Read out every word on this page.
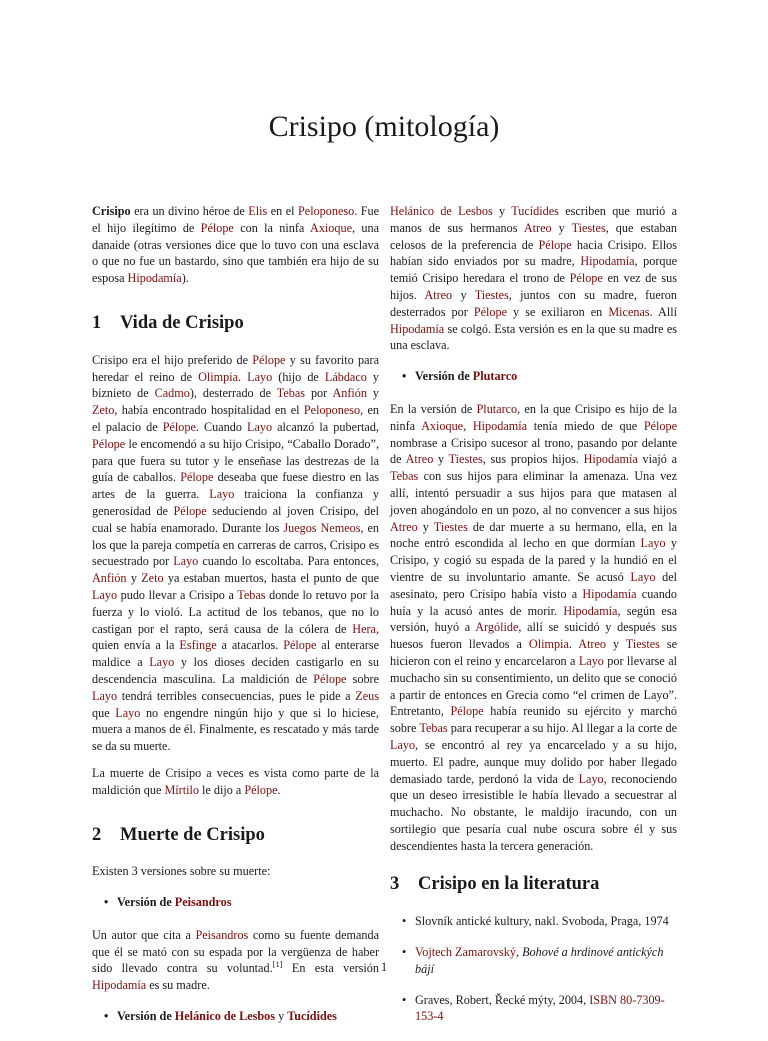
Crisipo (mitología)

Crisipo era un divino héroe de Elis en el Peloponeso. Fue el hijo ilegítimo de Pélope con la ninfa Axioque, una danaide (otras versiones dice que lo tuvo con una esclava o que no fue un bastardo, sino que también era hijo de su esposa Hipodamía).

1 Vida de Crisipo

Crisipo era el hijo preferido de Pélope y su favorito para heredar el reino de Olimpia. Layo (hijo de Lábdaco y biznieto de Cadmo), desterrado de Tebas por Anfión y Zeto, había encontrado hospitalidad en el Peloponeso, en el palacio de Pélope. Cuando Layo alcanzó la pubertad, Pélope le encomendó a su hijo Crisipo, “Caballo Dorado”, para que fuera su tutor y le enseñase las destrezas de la guía de caballos. Pélope deseaba que fuese diestro en las artes de la guerra. Layo traiciona la confianza y generosidad de Pélope seduciendo al joven Crisipo, del cual se había enamorado. Durante los Juegos Nemeos, en los que la pareja competía en carreras de carros, Crisipo es secuestrado por Layo cuando lo escoltaba. Para entonces, Anfión y Zeto ya estaban muertos, hasta el punto de que Layo pudo llevar a Crisipo a Tebas donde lo retuvo por la fuerza y lo violó. La actitud de los tebanos, que no lo castigan por el rapto, será causa de la cólera de Hera, quien envía a la Esfinge a atacarlos. Pélope al enterarse maldice a Layo y los dioses deciden castigarlo en su descendencia masculina. La maldición de Pélope sobre Layo tendrá terribles consecuencias, pues le pide a Zeus que Layo no engendre ningún hijo y que si lo hiciese, muera a manos de él. Finalmente, es rescatado y más tarde se da su muerte.

La muerte de Crisipo a veces es vista como parte de la maldición que Mírtilo le dijo a Pélope.

2 Muerte de Crisipo

Existen 3 versiones sobre su muerte:

• Versión de Peisandros

Un autor que cita a Peisandros como su fuente demanda que él se mató con su espada por la vergüenza de haber sido llevado contra su voluntad.[1] En esta versión Hipodamía es su madre.

• Versión de Helánico de Lesbos y Tucídides

Helánico de Lesbos y Tucídides escriben que murió a manos de sus hermanos Atreo y Tiestes, que estaban celosos de la preferencia de Pélope hacia Crisipo. Ellos habían sido enviados por su madre, Hipodamía, porque temió Crisipo heredara el trono de Pélope en vez de sus hijos. Atreo y Tiestes, juntos con su madre, fueron desterrados por Pélope y se exiliaron en Micenas. Allí Hipodamía se colgó. Esta versión es en la que su madre es una esclava.

• Versión de Plutarco

En la versión de Plutarco, en la que Crisipo es hijo de la ninfa Axioque, Hipodamía tenía miedo de que Pélope nombrase a Crisipo sucesor al trono, pasando por delante de Atreo y Tiestes, sus propios hijos. Hipodamía viajó a Tebas con sus hijos para eliminar la amenaza. Una vez allí, intentó persuadir a sus hijos para que matasen al joven ahogándolo en un pozo, al no convencer a sus hijos Atreo y Tiestes de dar muerte a su hermano, ella, en la noche entró escondida al lecho en que dormían Layo y Crisipo, y cogió su espada de la pared y la hundió en el vientre de su involuntario amante. Se acusó Layo del asesinato, pero Crisipo había visto a Hipodamía cuando huía y la acusó antes de morir. Hipodamía, según esa versión, huyó a Argólide, allí se suicidó y después sus huesos fueron llevados a Olimpia. Atreo y Tiestes se hicieron con el reino y encarcelaron a Layo por llevarse al muchacho sin su consentimiento, un delito que se conoció a partir de entonces en Grecia como “el crimen de Layo”. Entretanto, Pélope había reunido su ejército y marchó sobre Tebas para recuperar a su hijo. Al llegar a la corte de Layo, se encontró al rey ya encarcelado y a su hijo, muerto. El padre, aunque muy dolido por haber llegado demasiado tarde, perdonó la vida de Layo, reconociendo que un deseo irresistible le había llevado a secuestrar al muchacho. No obstante, le maldijo iracundo, con un sortilegio que pesaría cual nube oscura sobre él y sus descendientes hasta la tercera generación.

3 Crisipo en la literatura
• Slovník antické kultury, nakl. Svoboda, Praga, 1974
• Vojtech Zamarovský, Bohové a hrdinové antických bájí
• Graves, Robert, Řecké mýty, 2004, ISBN 80-7309-153-4
1
